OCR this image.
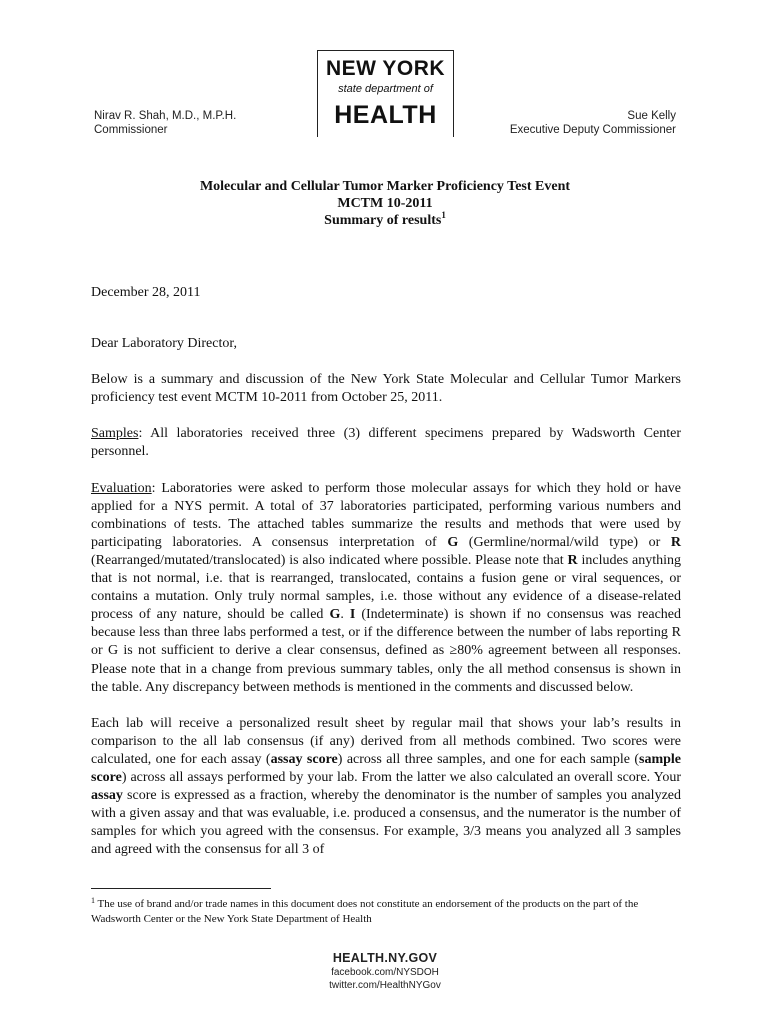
NEW YORK
state department of
HEALTH
Nirav R. Shah, M.D., M.P.H.
Commissioner
Sue Kelly
Executive Deputy Commissioner
Molecular and Cellular Tumor Marker Proficiency Test Event
MCTM 10-2011
Summary of results$^1$

December 28, 2011

Dear Laboratory Director,

Below is a summary and discussion of the New York State Molecular and Cellular Tumor Markers proficiency test event MCTM 10-2011 from October 25, 2011.

Samples: All laboratories received three (3) different specimens prepared by Wadsworth Center personnel.

Evaluation: Laboratories were asked to perform those molecular assays for which they hold or have applied for a NYS permit. A total of 37 laboratories participated, performing various numbers and combinations of tests. The attached tables summarize the results and methods that were used by participating laboratories. A consensus interpretation of G (Germline/normal/wild type) or R (Rearranged/mutated/translocated) is also indicated where possible. Please note that R includes anything that is not normal, i.e. that is rearranged, translocated, contains a fusion gene or viral sequences, or contains a mutation. Only truly normal samples, i.e. those without any evidence of a disease-related process of any nature, should be called G. I (Indeterminate) is shown if no consensus was reached because less than three labs performed a test, or if the difference between the number of labs reporting R or G is not sufficient to derive a clear consensus, defined as ≥80% agreement between all responses. Please note that in a change from previous summary tables, only the all method consensus is shown in the table. Any discrepancy between methods is mentioned in the comments and discussed below.

Each lab will receive a personalized result sheet by regular mail that shows your lab’s results in comparison to the all lab consensus (if any) derived from all methods combined. Two scores were calculated, one for each assay (assay score) across all three samples, and one for each sample (sample score) across all assays performed by your lab. From the latter we also calculated an overall score. Your assay score is expressed as a fraction, whereby the denominator is the number of samples you analyzed with a given assay and that was evaluable, i.e. produced a consensus, and the numerator is the number of samples for which you agreed with the consensus. For example, 3/3 means you analyzed all 3 samples and agreed with the consensus for all 3 of

$^1$ The use of brand and/or trade names in this document does not constitute an endorsement of the products on the part of the Wadsworth Center or the New York State Department of Health
HEALTH.NY.GOV
facebook.com/NYSDOH
twitter.com/HealthNYGov
